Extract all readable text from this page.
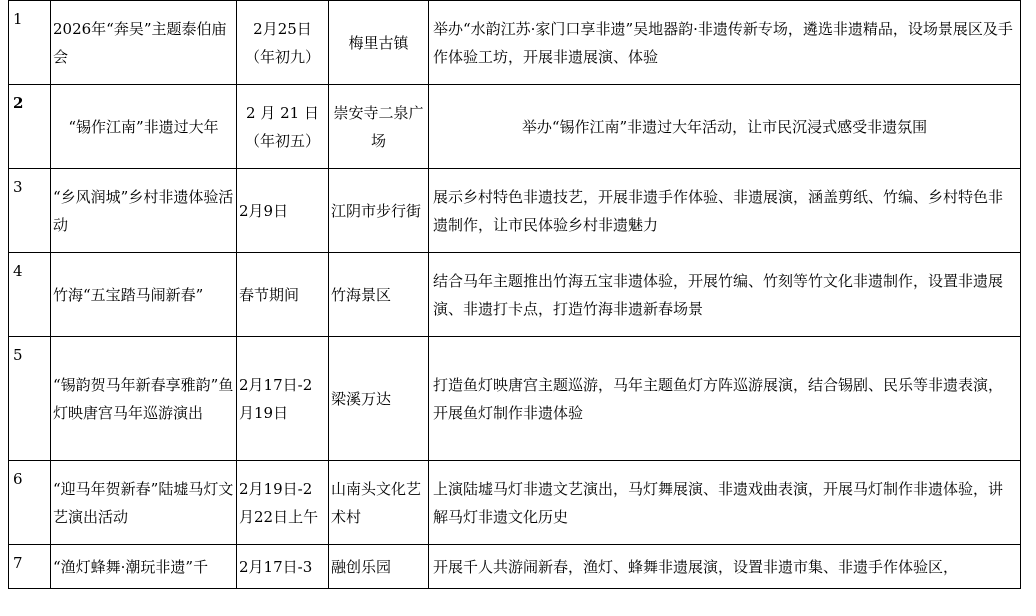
1	2026年“奔吴”主题泰伯庙会	2月25日（年初九）	梅里古镇	举办“水韵江苏·家门口享非遗”吴地器韵·非遗传新专场，遴选非遗精品，设场景展区及手作体验工坊，开展非遗展演、体验
2	“锡作江南”非遗过大年	2 月 21 日（年初五）	崇安寺二泉广场	举办“锡作江南”非遗过大年活动，让市民沉浸式感受非遗氛围
3	“乡风润城”乡村非遗体验活动	2月9日	江阴市步行街	展示乡村特色非遗技艺，开展非遗手作体验、非遗展演，涵盖剪纸、竹编、乡村特色非遗制作，让市民体验乡村非遗魅力
4	竹海“五宝踏马闹新春”	春节期间	竹海景区	结合马年主题推出竹海五宝非遗体验，开展竹编、竹刻等竹文化非遗制作，设置非遗展演、非遗打卡点，打造竹海非遗新春场景
5	“锡韵贺马年新春享雅韵”鱼灯映唐宫马年巡游演出	2月17日-2月19日	梁溪万达	打造鱼灯映唐宫主题巡游，马年主题鱼灯方阵巡游展演，结合锡剧、民乐等非遗表演，开展鱼灯制作非遗体验
6	“迎马年贺新春”陆墟马灯文艺演出活动	2月19日-2月22日上午	山南头文化艺术村	上演陆墟马灯非遗文艺演出，马灯舞展演、非遗戏曲表演，开展马灯制作非遗体验，讲解马灯非遗文化历史
7	“渔灯蜂舞·潮玩非遗”千	2月17日-3	融创乐园	开展千人共游闹新春，渔灯、蜂舞非遗展演，设置非遗市集、非遗手作体验区，
